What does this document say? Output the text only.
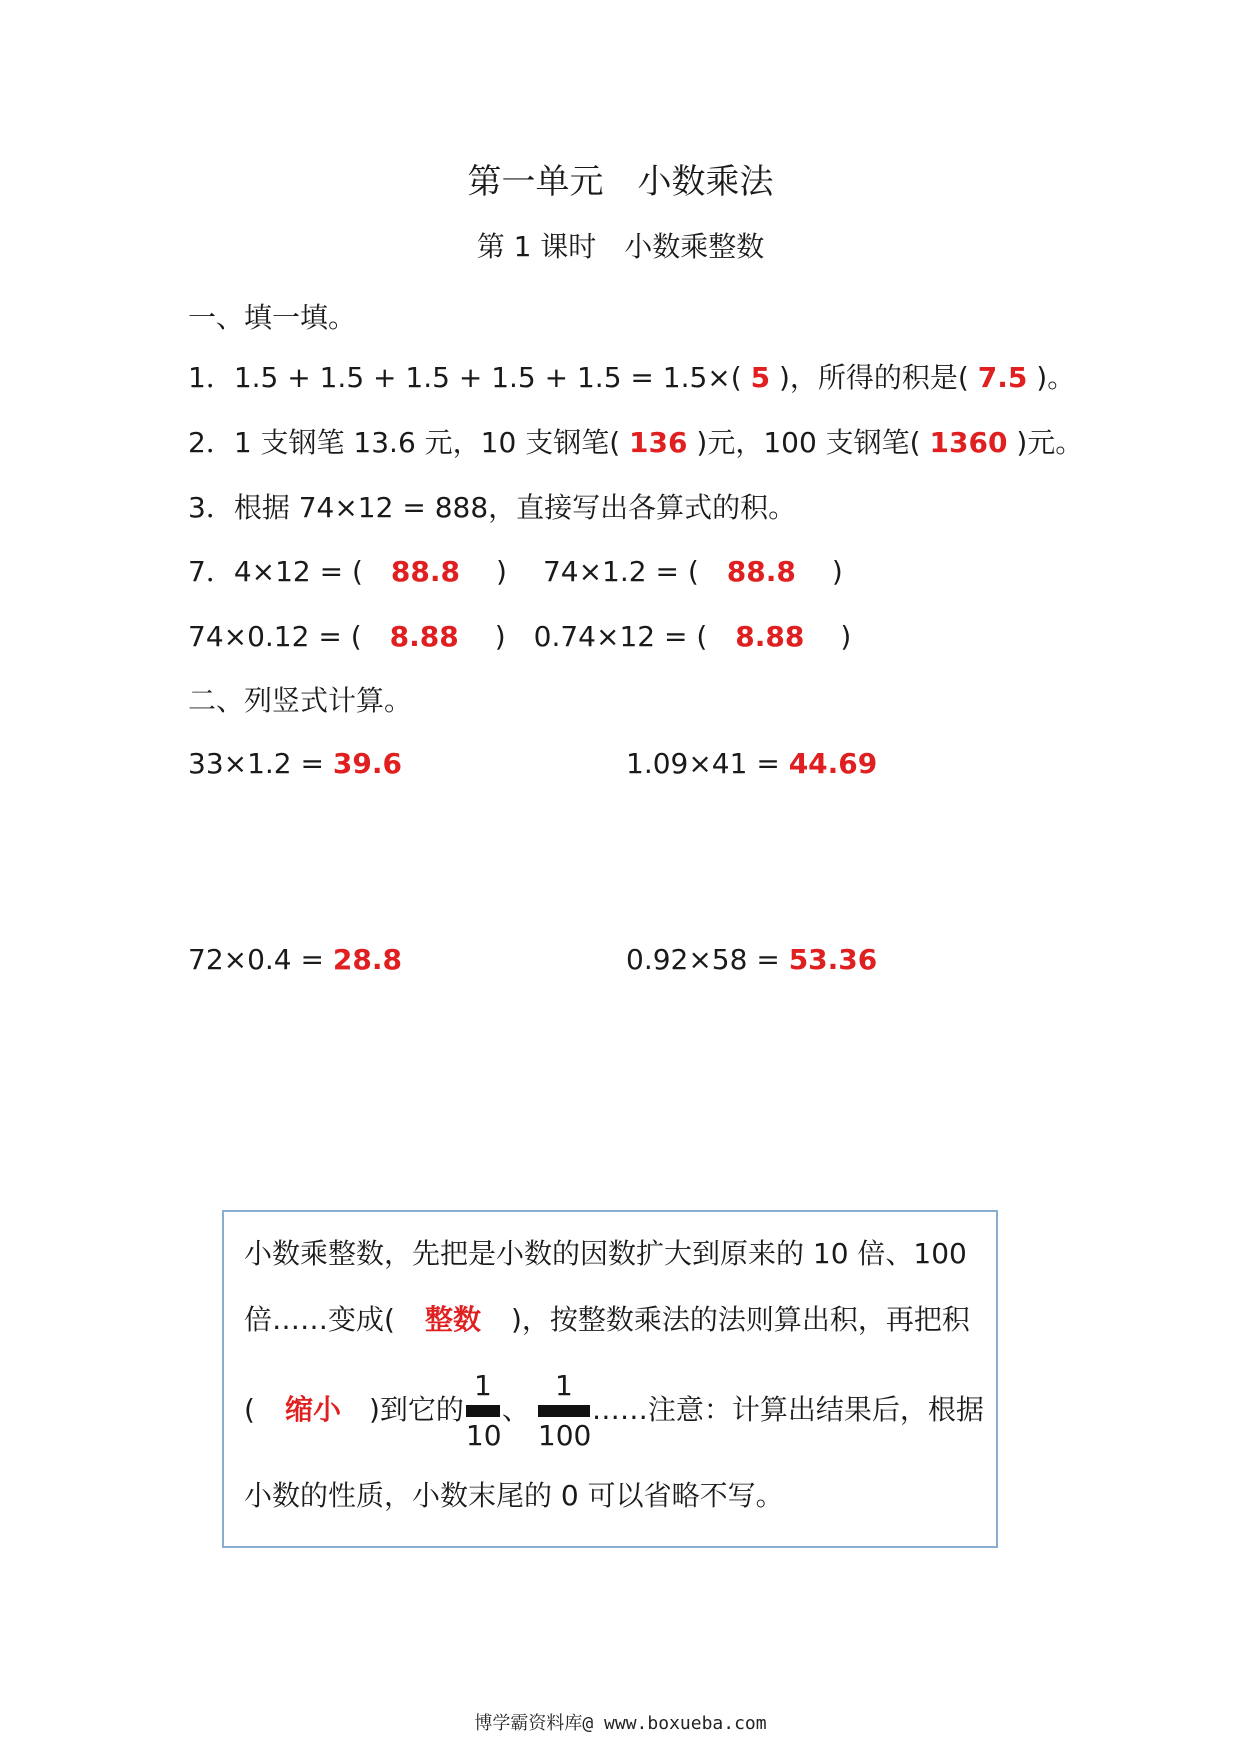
第一单元　小数乘法
第 1 课时　小数乘整数
一、填一填。
1．1.5 + 1.5 + 1.5 + 1.5 + 1.5 = 1.5×( 5 )，所得的积是( 7.5 )。
2．1 支钢笔 13.6 元，10 支钢笔( 136 )元，100 支钢笔( 1360 )元。
3．根据 74×12 = 888，直接写出各算式的积。
7．4×12 = ( 88.8 ) 74×1.2 = ( 88.8 )
74×0.12 = ( 8.88 ) 0.74×12 = ( 8.88 )
二、列竖式计算。
33×1.2 = 39.6	1.09×41 = 44.69
72×0.4 = 28.8	0.92×58 = 53.36
小数乘整数，先把是小数的因数扩大到原来的 10 倍、100
倍……变成( 整数 )，按整数乘法的法则算出积，再把积
( 缩小 )到它的
1
10
、
1
100
……注意：计算出结果后，根据
小数的性质，小数末尾的 0 可以省略不写。
博学霸资料库@ www.boxueba.com
